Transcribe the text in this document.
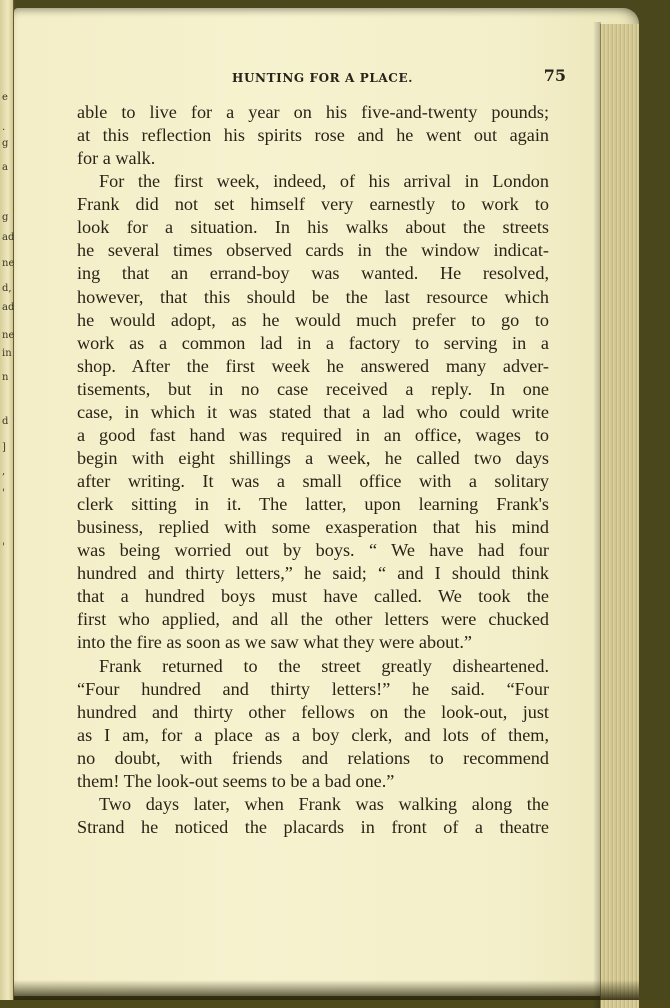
e
.
g
a
g
ad
ne
d,
ad
ne
in
n
d
]
,
'
'
HUNTING FOR A PLACE.	75
able to live for a year on his five-and-twenty pounds;
at this reflection his spirits rose and he went out again
for a walk.
For the first week, indeed, of his arrival in London
Frank did not set himself very earnestly to work to
look for a situation. In his walks about the streets
he several times observed cards in the window indicat-
ing that an errand-boy was wanted. He resolved,
however, that this should be the last resource which
he would adopt, as he would much prefer to go to
work as a common lad in a factory to serving in a
shop. After the first week he answered many adver-
tisements, but in no case received a reply. In one
case, in which it was stated that a lad who could write
a good fast hand was required in an office, wages to
begin with eight shillings a week, he called two days
after writing. It was a small office with a solitary
clerk sitting in it. The latter, upon learning Frank's
business, replied with some exasperation that his mind
was being worried out by boys. “ We have had four
hundred and thirty letters,” he said; “ and I should think
that a hundred boys must have called. We took the
first who applied, and all the other letters were chucked
into the fire as soon as we saw what they were about.”
Frank returned to the street greatly disheartened.
“Four hundred and thirty letters!” he said. “Four
hundred and thirty other fellows on the look-out, just
as I am, for a place as a boy clerk, and lots of them,
no doubt, with friends and relations to recommend
them! The look-out seems to be a bad one.”
Two days later, when Frank was walking along the
Strand he noticed the placards in front of a theatre
